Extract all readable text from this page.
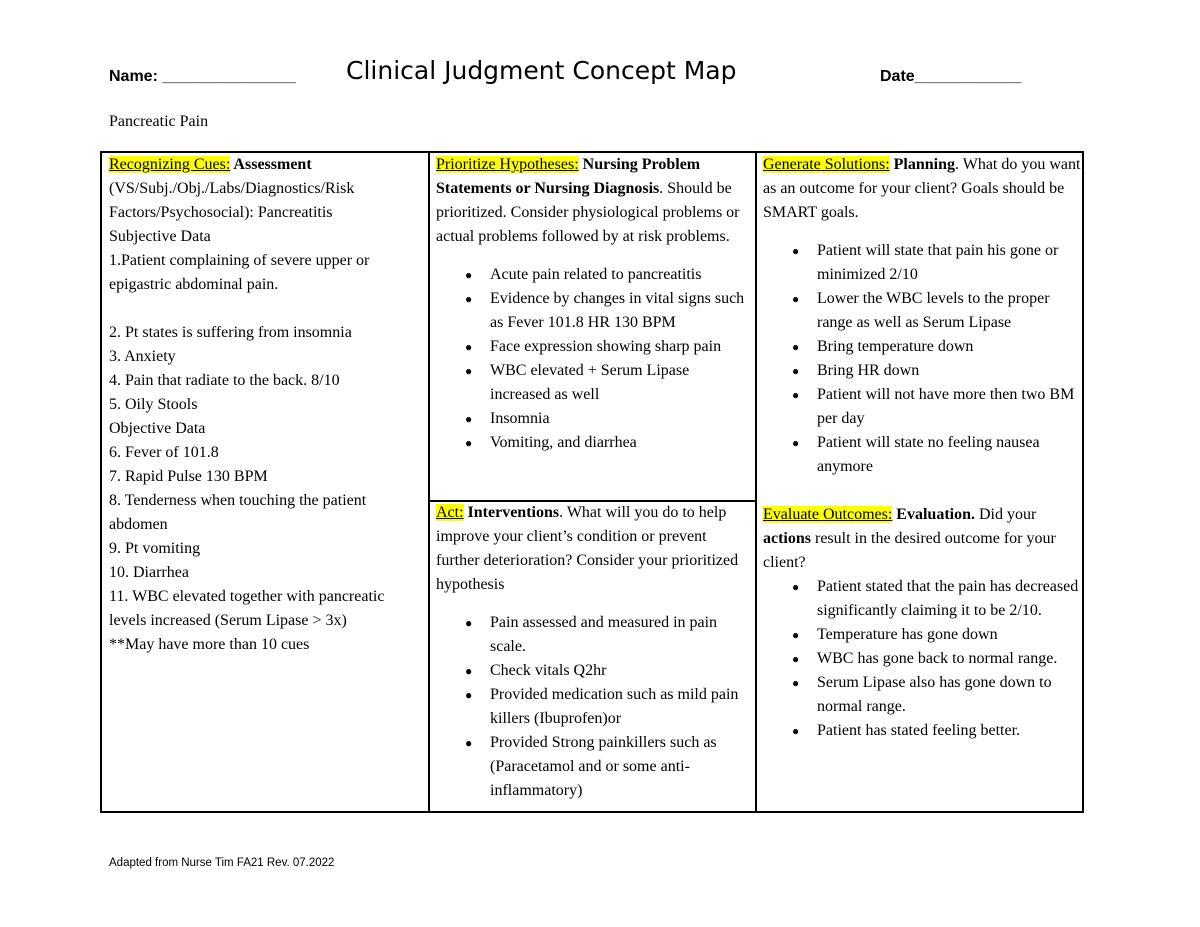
Name: _______________ Clinical Judgment Concept Map	Date____________
Pancreatic Pain

Recognizing Cues: Assessment

(VS/Subj./Obj./Labs/Diagnostics/Risk Factors/Psychosocial): Pancreatitis

Subjective Data

1.Patient complaining of severe upper or epigastric abdominal pain.

2. Pt states is suffering from insomnia

3. Anxiety

4. Pain that radiate to the back. 8/10

5. Oily Stools

Objective Data

6. Fever of 101.8

7. Rapid Pulse 130 BPM

8. Tenderness when touching the patient abdomen

9. Pt vomiting

10. Diarrhea

11. WBC elevated together with pancreatic levels increased (Serum Lipase > 3x)

**May have more than 10 cues

Prioritize Hypotheses: Nursing Problem Statements or Nursing Diagnosis. Should be prioritized. Consider physiological problems or actual problems followed by at risk problems.

● Acute pain related to pancreatitis
● Evidence by changes in vital signs such as Fever 101.8 HR 130 BPM
● Face expression showing sharp pain
● WBC elevated + Serum Lipase increased as well
● Insomnia
● Vomiting, and diarrhea

Act: Interventions. What will you do to help improve your client’s condition or prevent further deterioration? Consider your prioritized hypothesis

● Pain assessed and measured in pain scale.
● Check vitals Q2hr
● Provided medication such as mild pain killers (Ibuprofen)or
● Provided Strong painkillers such as (Paracetamol and or some anti-inflammatory)

Generate Solutions: Planning. What do you want as an outcome for your client? Goals should be SMART goals.

● Patient will state that pain his gone or minimized 2/10
● Lower the WBC levels to the proper range as well as Serum Lipase
● Bring temperature down
● Bring HR down
● Patient will not have more then two BM per day
● Patient will state no feeling nausea anymore

Evaluate Outcomes: Evaluation. Did your actions result in the desired outcome for your client?

● Patient stated that the pain has decreased significantly claiming it to be 2/10.
● Temperature has gone down
● WBC has gone back to normal range.
● Serum Lipase also has gone down to normal range.
● Patient has stated feeling better.
Adapted from Nurse Tim FA21 Rev. 07.2022
